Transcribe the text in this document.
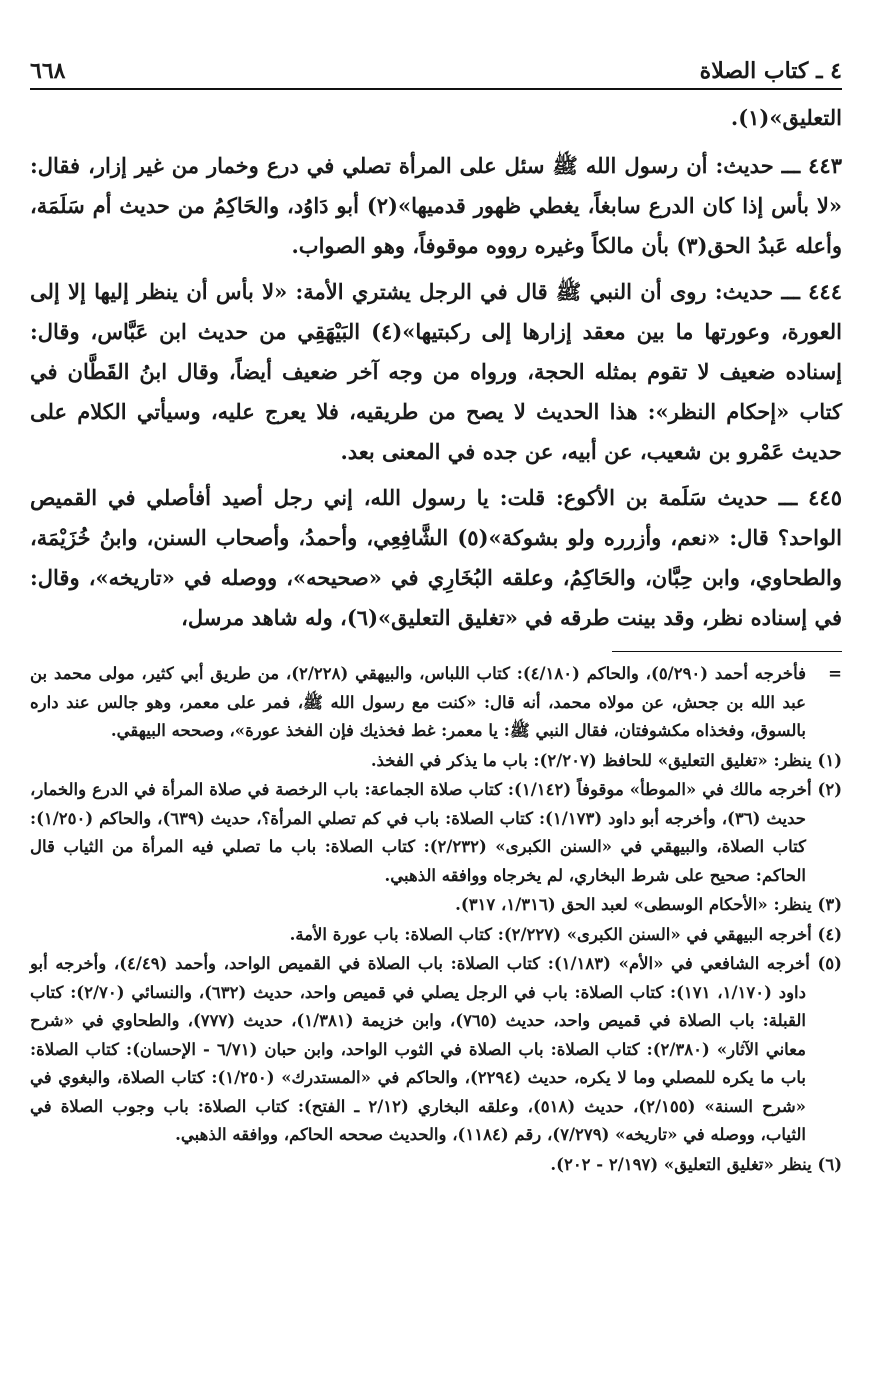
٤ ـ كتاب الصلاة
٦٦٨

التعليق»(١).

٤٤٣ ـــ حديث: أن رسول الله ﷺ سئل على المرأة تصلي في درع وخمار من غير إزار، فقال: «لا بأس إذا كان الدرع سابغاً، يغطي ظهور قدميها»(٢) أبو دَاوُد، والحَاكِمُ من حديث أم سَلَمَة، وأعله عَبدُ الحق(٣) بأن مالكاً وغيره رووه موقوفاً، وهو الصواب.

٤٤٤ ـــ حديث: روى أن النبي ﷺ قال في الرجل يشتري الأمة: «لا بأس أن ينظر إليها إلا إلى العورة، وعورتها ما بين معقد إزارها إلى ركبتيها»(٤) البَيْهَقِي من حديث ابن عَبَّاس، وقال: إسناده ضعيف لا تقوم بمثله الحجة، ورواه من وجه آخر ضعيف أيضاً، وقال ابنُ القَطَّان في كتاب «إحكام النظر»: هذا الحديث لا يصح من طريقيه، فلا يعرج عليه، وسيأتي الكلام على حديث عَمْرو بن شعيب، عن أبيه، عن جده في المعنى بعد.

٤٤٥ ـــ حديث سَلَمة بن الأكوع: قلت: يا رسول الله، إني رجل أصيد أفأصلي في القميص الواحد؟ قال: «نعم، وأزرره ولو بشوكة»(٥) الشَّافِعِي، وأحمدُ، وأصحاب السنن، وابنُ خُزَيْمَة، والطحاوي، وابن حِبَّان، والحَاكِمُ، وعلقه البُخَارِي في «صحيحه»، ووصله في «تاريخه»، وقال: في إسناده نظر، وقد بينت طرقه في «تغليق التعليق»(٦)، وله شاهد مرسل،

= فأخرجه أحمد (٥/٢٩٠)، والحاكم (٤/١٨٠): كتاب اللباس، والبيهقي (٢/٢٢٨)، من طريق أبي كثير، مولى محمد بن عبد الله بن جحش، عن مولاه محمد، أنه قال: «كنت مع رسول الله ﷺ، فمر على معمر، وهو جالس عند داره بالسوق، وفخذاه مكشوفتان، فقال النبي ﷺ: يا معمر: غط فخذيك فإن الفخذ عورة»، وصححه البيهقي.

(١) ينظر: «تغليق التعليق» للحافظ (٢/٢٠٧): باب ما يذكر في الفخذ.

(٢) أخرجه مالك في «الموطأ» موقوفاً (١/١٤٢): كتاب صلاة الجماعة: باب الرخصة في صلاة المرأة في الدرع والخمار، حديث (٣٦)، وأخرجه أبو داود (١/١٧٣): كتاب الصلاة: باب في كم تصلي المرأة؟، حديث (٦٣٩)، والحاكم (١/٢٥٠): كتاب الصلاة، والبيهقي في «السنن الكبرى» (٢/٢٣٢): كتاب الصلاة: باب ما تصلي فيه المرأة من الثياب قال الحاكم: صحيح على شرط البخاري، لم يخرجاه ووافقه الذهبي.

(٣) ينظر: «الأحكام الوسطى» لعبد الحق (١/٣١٦، ٣١٧).

(٤) أخرجه البيهقي في «السنن الكبرى» (٢/٢٢٧): كتاب الصلاة: باب عورة الأمة.

(٥) أخرجه الشافعي في «الأم» (١/١٨٣): كتاب الصلاة: باب الصلاة في القميص الواحد، وأحمد (٤/٤٩)، وأخرجه أبو داود (١/١٧٠، ١٧١): كتاب الصلاة: باب في الرجل يصلي في قميص واحد، حديث (٦٣٢)، والنسائي (٢/٧٠): كتاب القبلة: باب الصلاة في قميص واحد، حديث (٧٦٥)، وابن خزيمة (١/٣٨١)، حديث (٧٧٧)، والطحاوي في «شرح معاني الآثار» (٢/٣٨٠): كتاب الصلاة: باب الصلاة في الثوب الواحد، وابن حبان (٦/٧١ - الإحسان): كتاب الصلاة: باب ما يكره للمصلي وما لا يكره، حديث (٢٢٩٤)، والحاكم في «المستدرك» (١/٢٥٠): كتاب الصلاة، والبغوي في «شرح السنة» (٢/١٥٥)، حديث (٥١٨)، وعلقه البخاري (٢/١٢ ـ الفتح): كتاب الصلاة: باب وجوب الصلاة في الثياب، ووصله في «تاريخه» (٧/٢٧٩)، رقم (١١٨٤)، والحديث صححه الحاكم، ووافقه الذهبي.

(٦) ينظر «تغليق التعليق» (٢/١٩٧ - ٢٠٢).
